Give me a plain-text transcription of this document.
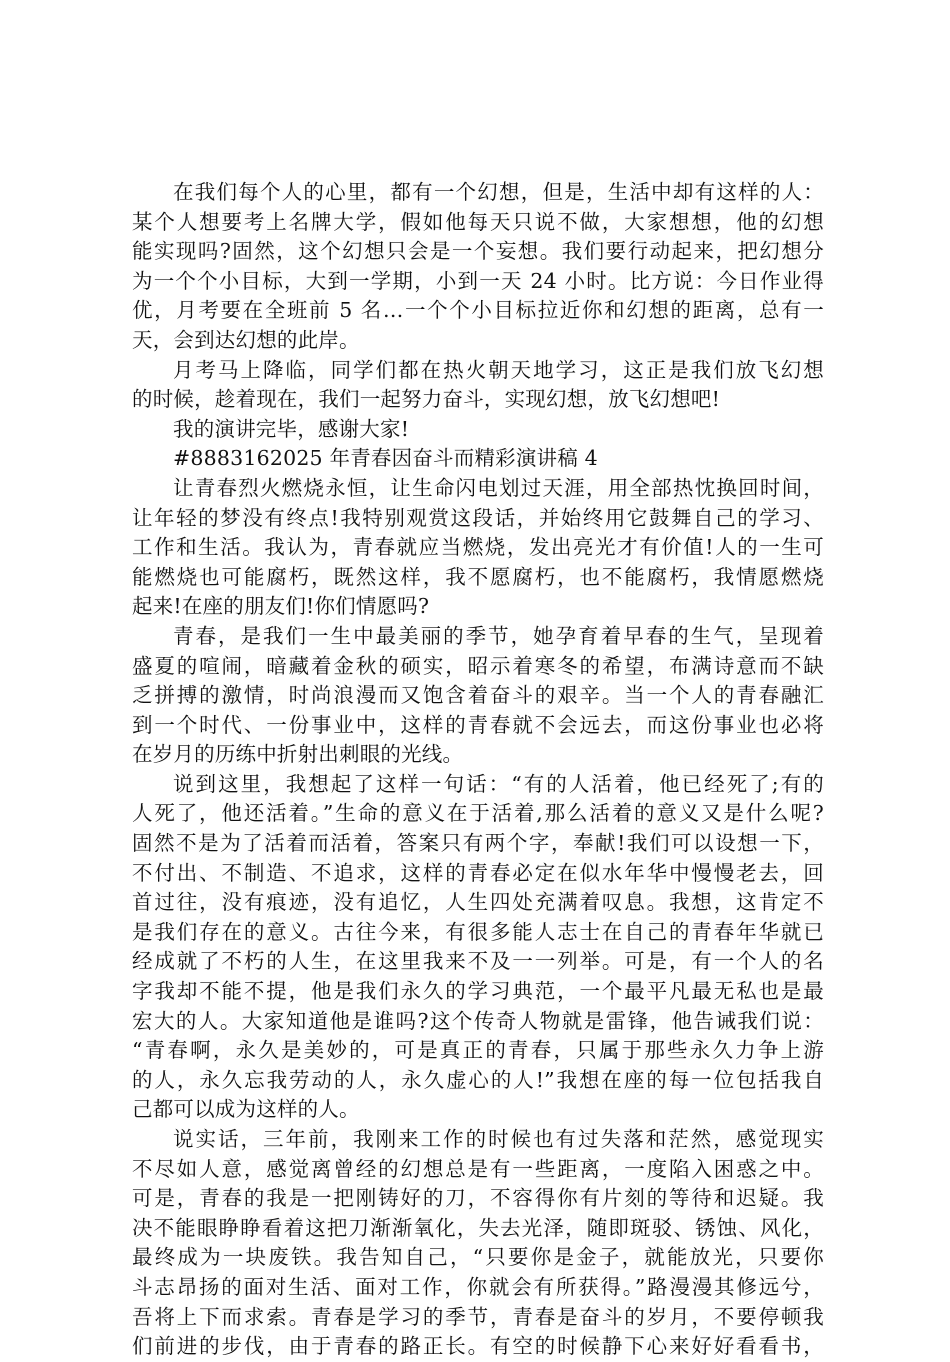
在我们每个人的心里，都有一个幻想，但是，生活中却有这样的人：
某个人想要考上名牌大学，假如他每天只说不做，大家想想，他的幻想
能实现吗?固然，这个幻想只会是一个妄想。我们要行动起来，把幻想分
为一个个小目标，大到一学期，小到一天 24 小时。比方说：今日作业得
优，月考要在全班前 5 名…一个个小目标拉近你和幻想的距离，总有一
天，会到达幻想的此岸。
月考马上降临，同学们都在热火朝天地学习，这正是我们放飞幻想
的时候，趁着现在，我们一起努力奋斗，实现幻想，放飞幻想吧!
我的演讲完毕，感谢大家!
#8883162025 年青春因奋斗而精彩演讲稿 4
让青春烈火燃烧永恒，让生命闪电划过天涯，用全部热忱换回时间，
让年轻的梦没有终点!我特别观赏这段话，并始终用它鼓舞自己的学习、
工作和生活。我认为，青春就应当燃烧，发出亮光才有价值!人的一生可
能燃烧也可能腐朽，既然这样，我不愿腐朽，也不能腐朽，我情愿燃烧
起来!在座的朋友们!你们情愿吗?
青春，是我们一生中最美丽的季节，她孕育着早春的生气，呈现着
盛夏的喧闹，暗藏着金秋的硕实，昭示着寒冬的希望，布满诗意而不缺
乏拼搏的激情，时尚浪漫而又饱含着奋斗的艰辛。当一个人的青春融汇
到一个时代、一份事业中，这样的青春就不会远去，而这份事业也必将
在岁月的历练中折射出刺眼的光线。
说到这里，我想起了这样一句话：“有的人活着，他已经死了;有的
人死了，他还活着。”生命的意义在于活着,那么活着的意义又是什么呢?
固然不是为了活着而活着，答案只有两个字，奉献!我们可以设想一下，
不付出、不制造、不追求，这样的青春必定在似水年华中慢慢老去，回
首过往，没有痕迹，没有追忆，人生四处充满着叹息。我想，这肯定不
是我们存在的意义。古往今来，有很多能人志士在自己的青春年华就已
经成就了不朽的人生，在这里我来不及一一列举。可是，有一个人的名
字我却不能不提，他是我们永久的学习典范，一个最平凡最无私也是最
宏大的人。大家知道他是谁吗?这个传奇人物就是雷锋，他告诫我们说：
“青春啊，永久是美妙的，可是真正的青春，只属于那些永久力争上游
的人，永久忘我劳动的人，永久虚心的人!”我想在座的每一位包括我自
己都可以成为这样的人。
说实话，三年前，我刚来工作的时候也有过失落和茫然，感觉现实
不尽如人意，感觉离曾经的幻想总是有一些距离，一度陷入困惑之中。
可是，青春的我是一把刚铸好的刀，不容得你有片刻的等待和迟疑。我
决不能眼睁睁看着这把刀渐渐氧化，失去光泽，随即斑驳、锈蚀、风化，
最终成为一块废铁。我告知自己，“只要你是金子，就能放光，只要你
斗志昂扬的面对生活、面对工作，你就会有所获得。”路漫漫其修远兮，
吾将上下而求索。青春是学习的季节，青春是奋斗的岁月，不要停顿我
们前进的步伐，由于青春的路正长。有空的时候静下心来好好看看书，
